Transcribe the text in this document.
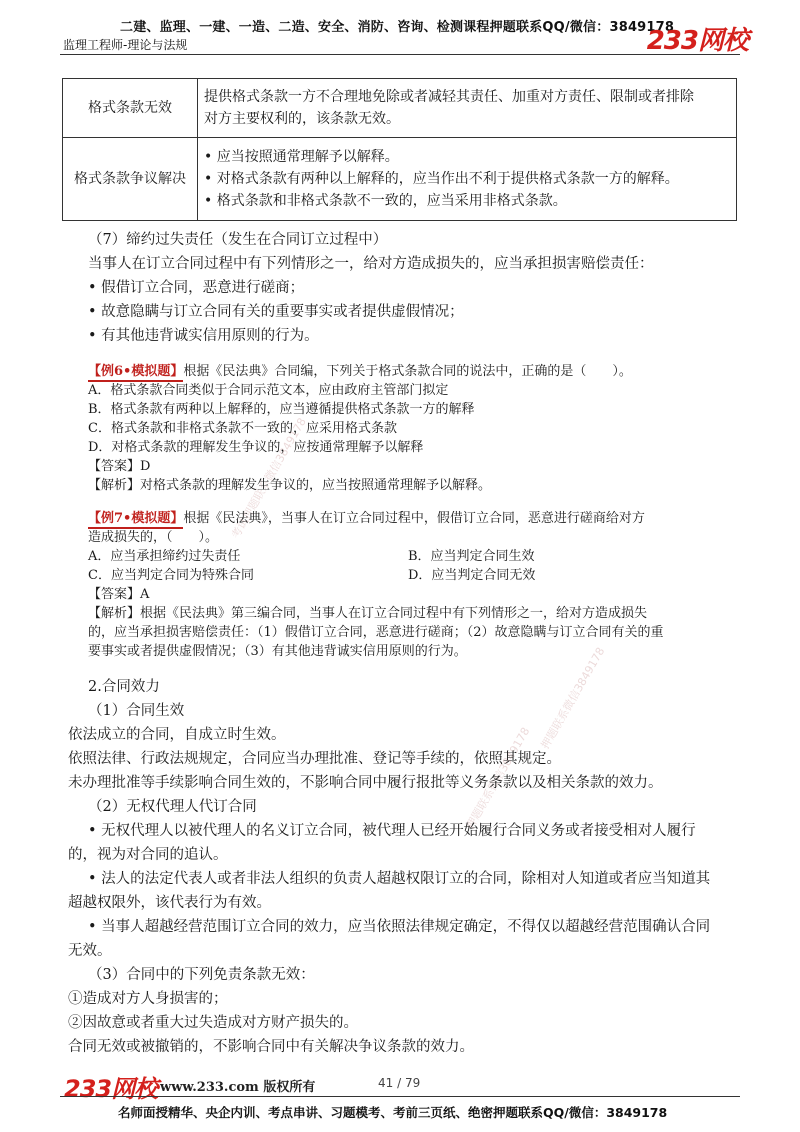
二建、监理、一建、一造、二造、安全、消防、咨询、检测课程押题联系QQ/微信：3849178
监理工程师-理论与法规	233网校
格式条款无效	提供格式条款一方不合理地免除或者减轻其责任、加重对方责任、限制或者排除
对方主要权利的，该条款无效。

格式条款争议解决	• 应当按照通常理解予以解释。
• 对格式条款有两种以上解释的，应当作出不利于提供格式条款一方的解释。
• 格式条款和非格式条款不一致的，应当采用非格式条款。
考试押题联系微信3849178
押题联系微信3849178
押题联系微信3849178
（7）缔约过失责任（发生在合同订立过程中）
当事人在订立合同过程中有下列情形之一，给对方造成损失的，应当承担损害赔偿责任：
• 假借订立合同，恶意进行磋商；
• 故意隐瞒与订立合同有关的重要事实或者提供虚假情况；
• 有其他违背诚实信用原则的行为。
【例6•模拟题】根据《民法典》合同编，下列关于格式条款合同的说法中，正确的是（　　）。
A．格式条款合同类似于合同示范文本，应由政府主管部门拟定
B．格式条款有两种以上解释的，应当遵循提供格式条款一方的解释
C．格式条款和非格式条款不一致的，应采用格式条款
D．对格式条款的理解发生争议的，应按通常理解予以解释
【答案】D
【解析】对格式条款的理解发生争议的，应当按照通常理解予以解释。
【例7•模拟题】根据《民法典》，当事人在订立合同过程中，假借订立合同，恶意进行磋商给对方
造成损失的，（　　）。
A．应当承担缔约过失责任	B．应当判定合同生效
C．应当判定合同为特殊合同	D．应当判定合同无效
【答案】A
【解析】根据《民法典》第三编合同，当事人在订立合同过程中有下列情形之一，给对方造成损失
的，应当承担损害赔偿责任：（1）假借订立合同，恶意进行磋商；（2）故意隐瞒与订立合同有关的重
要事实或者提供虚假情况；（3）有其他违背诚实信用原则的行为。
2.合同效力
（1）合同生效
依法成立的合同，自成立时生效。
依照法律、行政法规规定，合同应当办理批准、登记等手续的，依照其规定。
未办理批准等手续影响合同生效的，不影响合同中履行报批等义务条款以及相关条款的效力。
（2）无权代理人代订合同
• 无权代理人以被代理人的名义订立合同，被代理人已经开始履行合同义务或者接受相对人履行
的，视为对合同的追认。
• 法人的法定代表人或者非法人组织的负责人超越权限订立的合同，除相对人知道或者应当知道其
超越权限外，该代表行为有效。
• 当事人超越经营范围订立合同的效力，应当依照法律规定确定，不得仅以超越经营范围确认合同
无效。
（3）合同中的下列免责条款无效：
①造成对方人身损害的；
②因故意或者重大过失造成对方财产损失的。
合同无效或被撤销的，不影响合同中有关解决争议条款的效力。
233网校 www.233.com 版权所有	41 / 79
名师面授精华、央企内训、考点串讲、习题模考、考前三页纸、绝密押题联系QQ/微信：3849178
